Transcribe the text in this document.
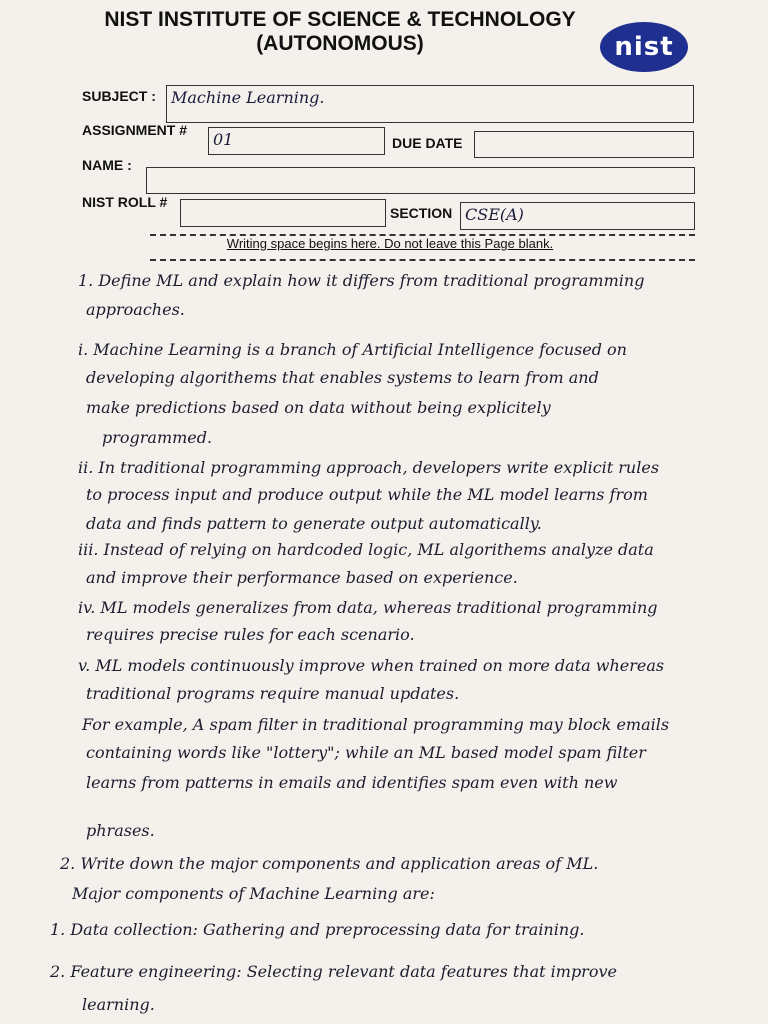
NIST INSTITUTE OF SCIENCE & TECHNOLOGY
(AUTONOMOUS)	nist
SUBJECT : Machine Learning.
ASSIGNMENT #	01	DUE DATE
NAME :
NIST ROLL #
SECTION CSE(A)
Writing space begins here. Do not leave this Page blank.
1. Define ML and explain how it differs from traditional programming
approaches.
i. Machine Learning is a branch of Artificial Intelligence focused on
developing algorithems that enables systems to learn from and
make predictions based on data without being explicitely
programmed.
ii. In traditional programming approach, developers write explicit rules
to process input and produce output while the ML model learns from
data and finds pattern to generate output automatically.
iii. Instead of relying on hardcoded logic, ML algorithems analyze data
and improve their performance based on experience.
iv. ML models generalizes from data, whereas traditional programming
requires precise rules for each scenario.
v. ML models continuously improve when trained on more data whereas
traditional programs require manual updates.
For example, A spam filter in traditional programming may block emails
containing words like "lottery"; while an ML based model spam filter
learns from patterns in emails and identifies spam even with new
phrases.
2. Write down the major components and application areas of ML.
Major components of Machine Learning are:
1. Data collection: Gathering and preprocessing data for training.
2. Feature engineering: Selecting relevant data features that improve
learning.
